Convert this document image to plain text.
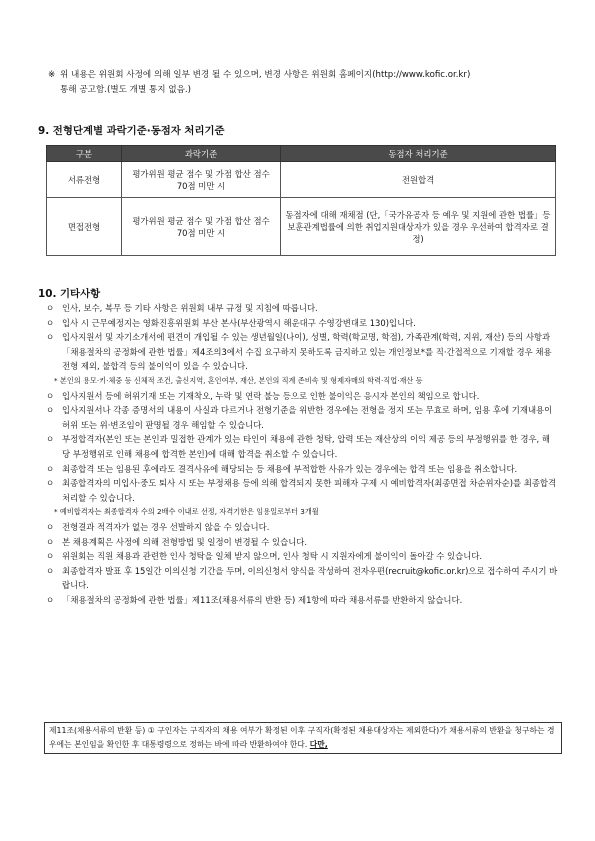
※ 위 내용은 위원회 사정에 의해 일부 변경 될 수 있으며, 변경 사항은 위원회 홈페이지(http://www.kofic.or.kr)
통해 공고함.(별도 개별 통지 없음.)
9. 전형단계별 과락기준·동점자 처리기준
구분	과락기준	동점자 처리기준
서류전형	평가위원 평균 점수 및 가점 합산 점수 70점 미만 시	전원합격
면접전형	평가위원 평균 점수 및 가점 합산 점수 70점 미만 시	동점자에 대해 재채점 (단,「국가유공자 등 예우 및 지원에 관한 법률」등 보훈관계법률에 의한 취업지원대상자가 있을 경우 우선하여 합격자로 결정)
10. 기타사항
ㅇ 인사, 보수, 복무 등 기타 사항은 위원회 내부 규정 및 지침에 따릅니다.
ㅇ 입사 시 근무예정지는 영화진흥위원회 부산 본사(부산광역시 해운대구 수영강변대로 130)입니다.
ㅇ 입사지원서 및 자기소개서에 편견이 개입될 수 있는 생년월일(나이), 성별, 학력(학교명, 학점), 가족관계(학력, 지위, 재산) 등의 사항과「채용절차의 공정화에 관한 법률」제4조의3에서 수집 요구하지 못하도록 금지하고 있는 개인정보*를 직·간접적으로 기재할 경우 채용 전형 제외, 불합격 등의 불이익이 있을 수 있습니다.
* 본인의 용모·키·체중 등 신체적 조건, 출신지역, 혼인여부, 재산, 본인의 직계 존비속 및 형제자매의 학력·직업·재산 등
ㅇ 입사지원서 등에 허위기재 또는 기재착오, 누락 및 연락 불능 등으로 인한 불이익은 응시자 본인의 책임으로 합니다.
ㅇ 입사지원서나 각종 증명서의 내용이 사실과 다르거나 전형기준을 위반한 경우에는 전형을 정지 또는 무효로 하며, 임용 후에 기재내용이 허위 또는 위·변조임이 판명될 경우 해임할 수 있습니다.
ㅇ 부정합격자(본인 또는 본인과 밀접한 관계가 있는 타인이 채용에 관한 청탁, 압력 또는 재산상의 이익 제공 등의 부정행위를 한 경우, 해당 부정행위로 인해 채용에 합격한 본인)에 대해 합격을 취소할 수 있습니다.
ㅇ 최종합격 또는 임용된 후에라도 결격사유에 해당되는 등 채용에 부적합한 사유가 있는 경우에는 합격 또는 임용을 취소합니다.
ㅇ 최종합격자의 미입사·중도 퇴사 시 또는 부정채용 등에 의해 합격되지 못한 피해자 구제 시 예비합격자(최종면접 차순위자순)를 최종합격 처리할 수 있습니다.
* 예비합격자는 최종합격자 수의 2배수 이내로 선정, 자격기한은 임용일로부터 3개월
ㅇ 전형결과 적격자가 없는 경우 선발하지 않을 수 있습니다.
ㅇ 본 채용계획은 사정에 의해 전형방법 및 일정이 변경될 수 있습니다.
ㅇ 위원회는 직원 채용과 관련한 인사 청탁을 일체 받지 않으며, 인사 청탁 시 지원자에게 불이익이 돌아갈 수 있습니다.
ㅇ 최종합격자 발표 후 15일간 이의신청 기간을 두며, 이의신청서 양식을 작성하여 전자우편(recruit@kofic.or.kr)으로 접수하여 주시기 바랍니다.
ㅇ 「채용절차의 공정화에 관한 법률」제11조(채용서류의 반환 등) 제1항에 따라 채용서류를 반환하지 않습니다.
제11조(채용서류의 반환 등) ① 구인자는 구직자의 채용 여부가 확정된 이후 구직자(확정된 채용대상자는 제외한다)가 채용서류의 반환을 청구하는 경우에는 본인임을 확인한 후 대통령령으로 정하는 바에 따라 반환하여야 한다. 다만,
